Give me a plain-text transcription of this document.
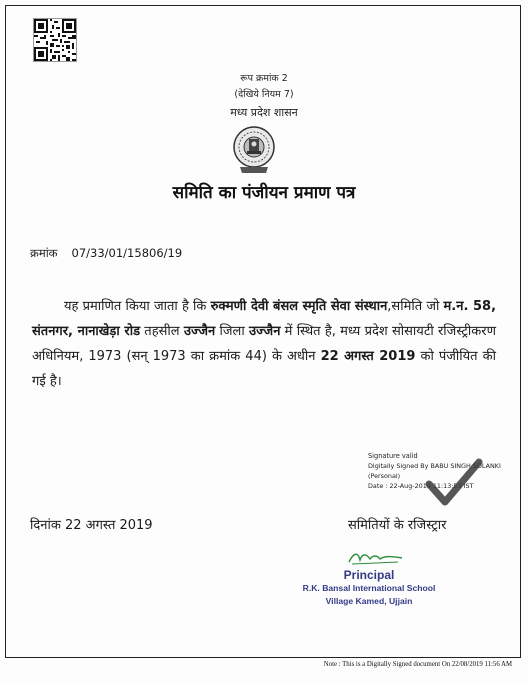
रूप क्रमांक 2
(देखिये नियम 7)
मध्य प्रदेश शासन
समिति का पंजीयन प्रमाण पत्र
क्रमांक 07/33/01/15806/19

यह प्रमाणित किया जाता है कि रुक्मणी देवी बंसल स्मृति सेवा संस्थान,समिति जो म.न. 58, संतनगर, नानाखेड़ा रोड तहसील उज्जैन जिला उज्जैन में स्थित है, मध्य प्रदेश सोसायटी रजिस्ट्रीकरण अधिनियम, 1973 (सन् 1973 का क्रमांक 44) के अधीन 22 अगस्त 2019 को पंजीयित की गई है।

Signature valid
Digitally Signed By BABU SINGH SOLANKI
(Personal)
Date : 22-Aug-2019 11:13:53 IST
दिनांक 22 अगस्त 2019	समितियों के रजिस्ट्रार
Principal
R.K. Bansal International School
Village Kamed, Ujjain
Note : This is a Digitally Signed document On 22/08/2019 11:56 AM
